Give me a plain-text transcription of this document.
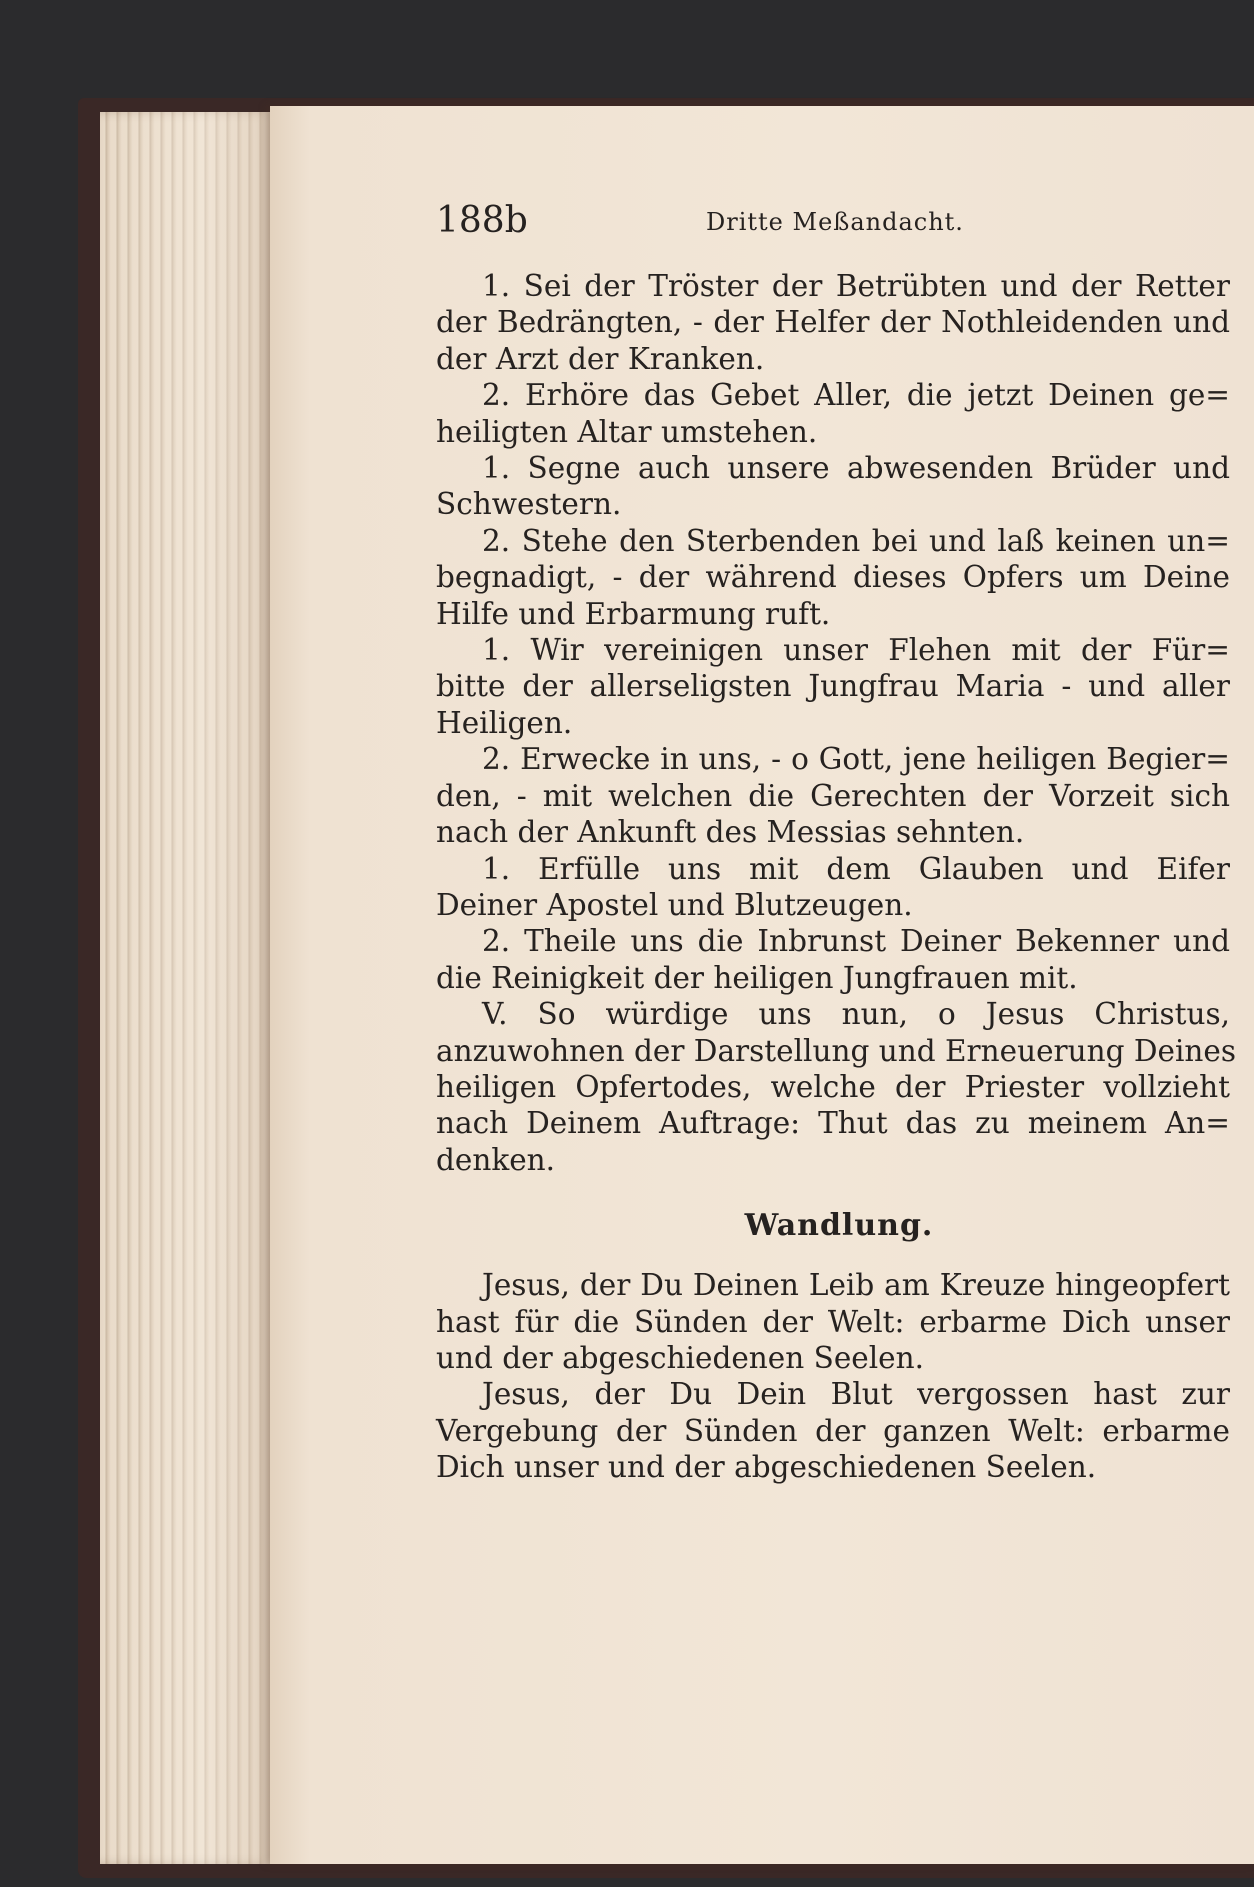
188b	Dritte Meßandacht.

1. Sei der Tröster der Betrübten und der Retter
der Bedrängten, - der Helfer der Nothleidenden und
der Arzt der Kranken.

2. Erhöre das Gebet Aller, die jetzt Deinen ge=
heiligten Altar umstehen.

1. Segne auch unsere abwesenden Brüder und
Schwestern.

2. Stehe den Sterbenden bei und laß keinen un=
begnadigt, - der während dieses Opfers um Deine
Hilfe und Erbarmung ruft.

1. Wir vereinigen unser Flehen mit der Für=
bitte der allerseligsten Jungfrau Maria - und aller
Heiligen.

2. Erwecke in uns, - o Gott, jene heiligen Begier=
den, - mit welchen die Gerechten der Vorzeit sich
nach der Ankunft des Messias sehnten.

1. Erfülle uns mit dem Glauben und Eifer
Deiner Apostel und Blutzeugen.

2. Theile uns die Inbrunst Deiner Bekenner und
die Reinigkeit der heiligen Jungfrauen mit.

V. So würdige uns nun, o Jesus Christus,
anzuwohnen der Darstellung und Erneuerung Deines
heiligen Opfertodes, welche der Priester vollzieht
nach Deinem Auftrage: Thut das zu meinem An=
denken.

Wandlung.

Jesus, der Du Deinen Leib am Kreuze hingeopfert
hast für die Sünden der Welt: erbarme Dich unser
und der abgeschiedenen Seelen.

Jesus, der Du Dein Blut vergossen hast zur
Vergebung der Sünden der ganzen Welt: erbarme
Dich unser und der abgeschiedenen Seelen.
